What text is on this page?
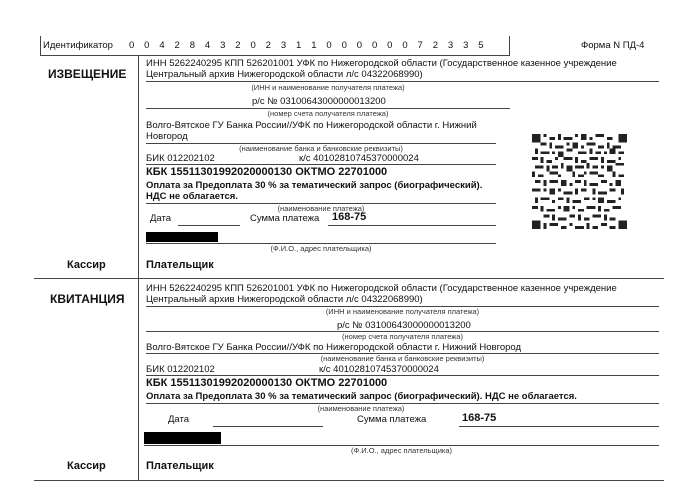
Идентификатор	0	0	4	2	8	4	3	2	0	2	3	1	1	0	0	0	0	0	0	7	2	3	3	5	Форма N ПД-4
ИЗВЕЩЕНИЕ
ИНН 5262240295 КПП 526201001 УФК по Нижегородской области (Государственное казенное учреждение
Центральный архив Нижегородской области л/с 04322068990)
(ИНН и наименование получателя платежа)
р/с № 03100643000000013200
(номер счета получателя платежа)
Волго-Вятское ГУ Банка России//УФК по Нижегородской области г. Нижний
Новгород
(наименование банка и банковские реквизиты)
БИК 012202102	к/с 40102810745370000024
КБК 15511301992020000130 ОКТМО 22701000
Оплата за Предоплата 30 % за тематический запрос (биографический).
НДС не облагается.
(наименование платежа)
Дата	Сумма платежа 168-75
(Ф.И.О., адрес плательщика)
Кассир	Плательщик
КВИТАНЦИЯ
ИНН 5262240295 КПП 526201001 УФК по Нижегородской области (Государственное казенное учреждение
Центральный архив Нижегородской области л/с 04322068990)
(ИНН и наименование получателя платежа)
р/с № 03100643000000013200
(номер счета получателя платежа)
Волго-Вятское ГУ Банка России//УФК по Нижегородской области г. Нижний Новгород
(наименование банка и банковские реквизиты)
БИК 012202102	к/с 40102810745370000024
КБК 15511301992020000130 ОКТМО 22701000
Оплата за Предоплата 30 % за тематический запрос (биографический). НДС не облагается.
(наименование платежа)
Дата	Сумма платежа	168-75
(Ф.И.О., адрес плательщика)
Кассир	Плательщик
